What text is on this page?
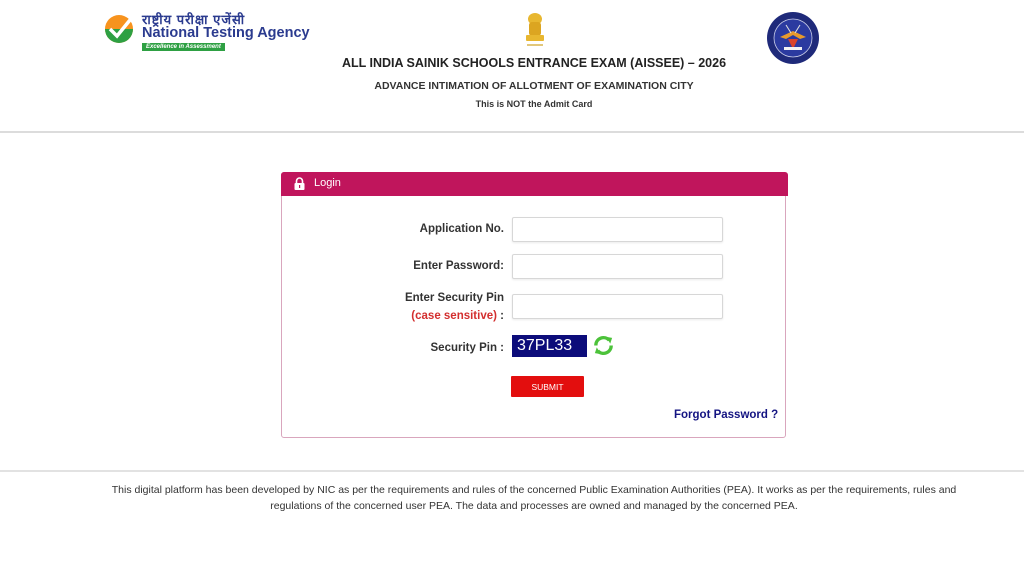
राष्ट्रीय परीक्षा एजेंसी
National Testing Agency
Excellence in Assessment
ALL INDIA SAINIK SCHOOLS ENTRANCE EXAM (AISSEE) – 2026
ADVANCE INTIMATION OF ALLOTMENT OF EXAMINATION CITY
This is NOT the Admit Card
Login
Application No.
Enter Password:
Enter Security Pin
(case sensitive) :
Security Pin : 37PL33
SUBMIT
Forgot Password ?
This digital platform has been developed by NIC as per the requirements and rules of the concerned Public Examination Authorities (PEA). It works as per the requirements, rules and regulations of the concerned user PEA. The data and processes are owned and managed by the concerned PEA.
